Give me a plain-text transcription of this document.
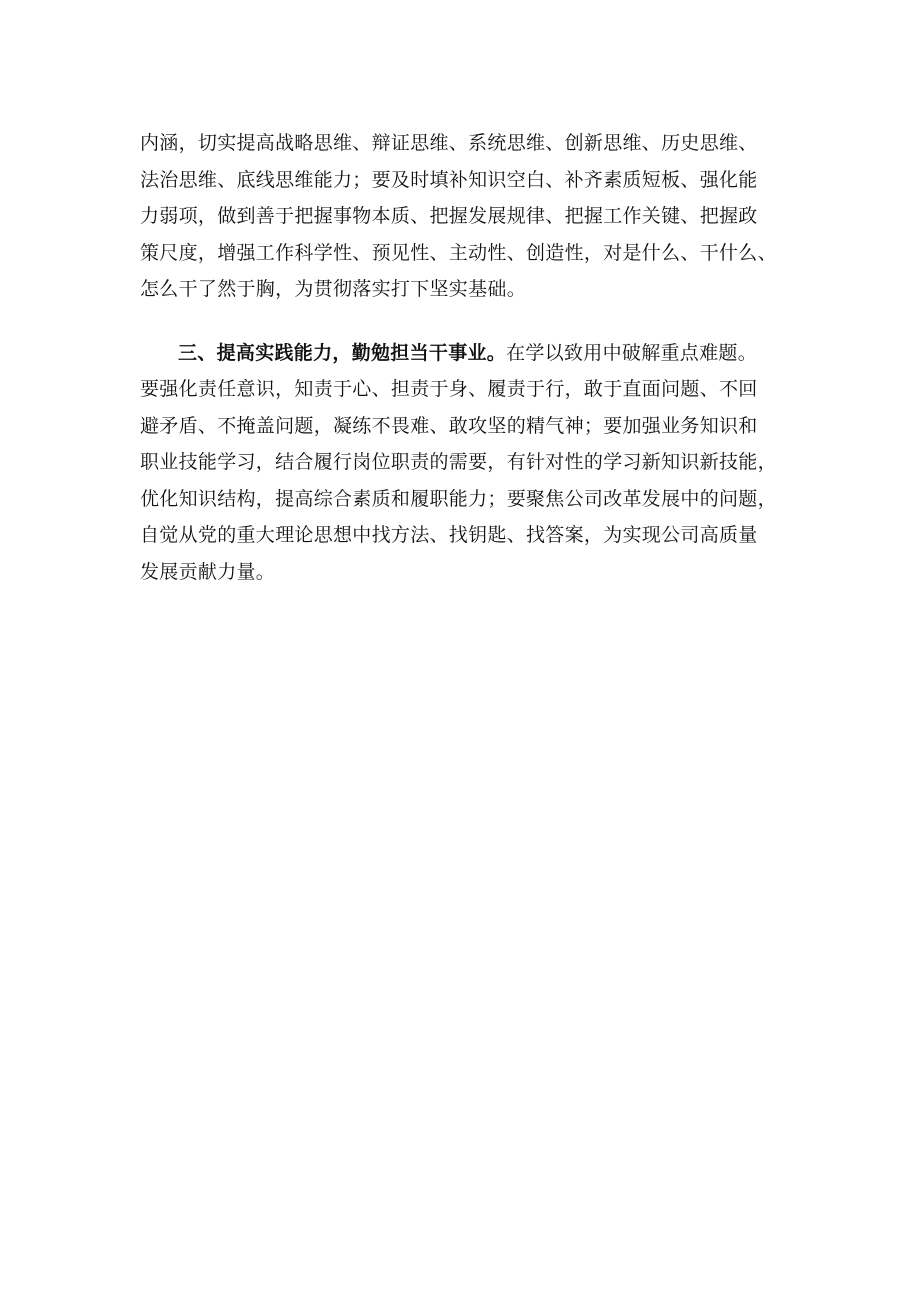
内涵，切实提高战略思维、辩证思维、系统思维、创新思维、历史思维、
法治思维、底线思维能力；要及时填补知识空白、补齐素质短板、强化能
力弱项，做到善于把握事物本质、把握发展规律、把握工作关键、把握政
策尺度，增强工作科学性、预见性、主动性、创造性，对是什么、干什么、
怎么干了然于胸，为贯彻落实打下坚实基础。
三、提高实践能力，勤勉担当干事业。在学以致用中破解重点难题。
要强化责任意识，知责于心、担责于身、履责于行，敢于直面问题、不回
避矛盾、不掩盖问题，凝练不畏难、敢攻坚的精气神；要加强业务知识和
职业技能学习，结合履行岗位职责的需要，有针对性的学习新知识新技能，
优化知识结构，提高综合素质和履职能力；要聚焦公司改革发展中的问题，
自觉从党的重大理论思想中找方法、找钥匙、找答案，为实现公司高质量
发展贡献力量。
